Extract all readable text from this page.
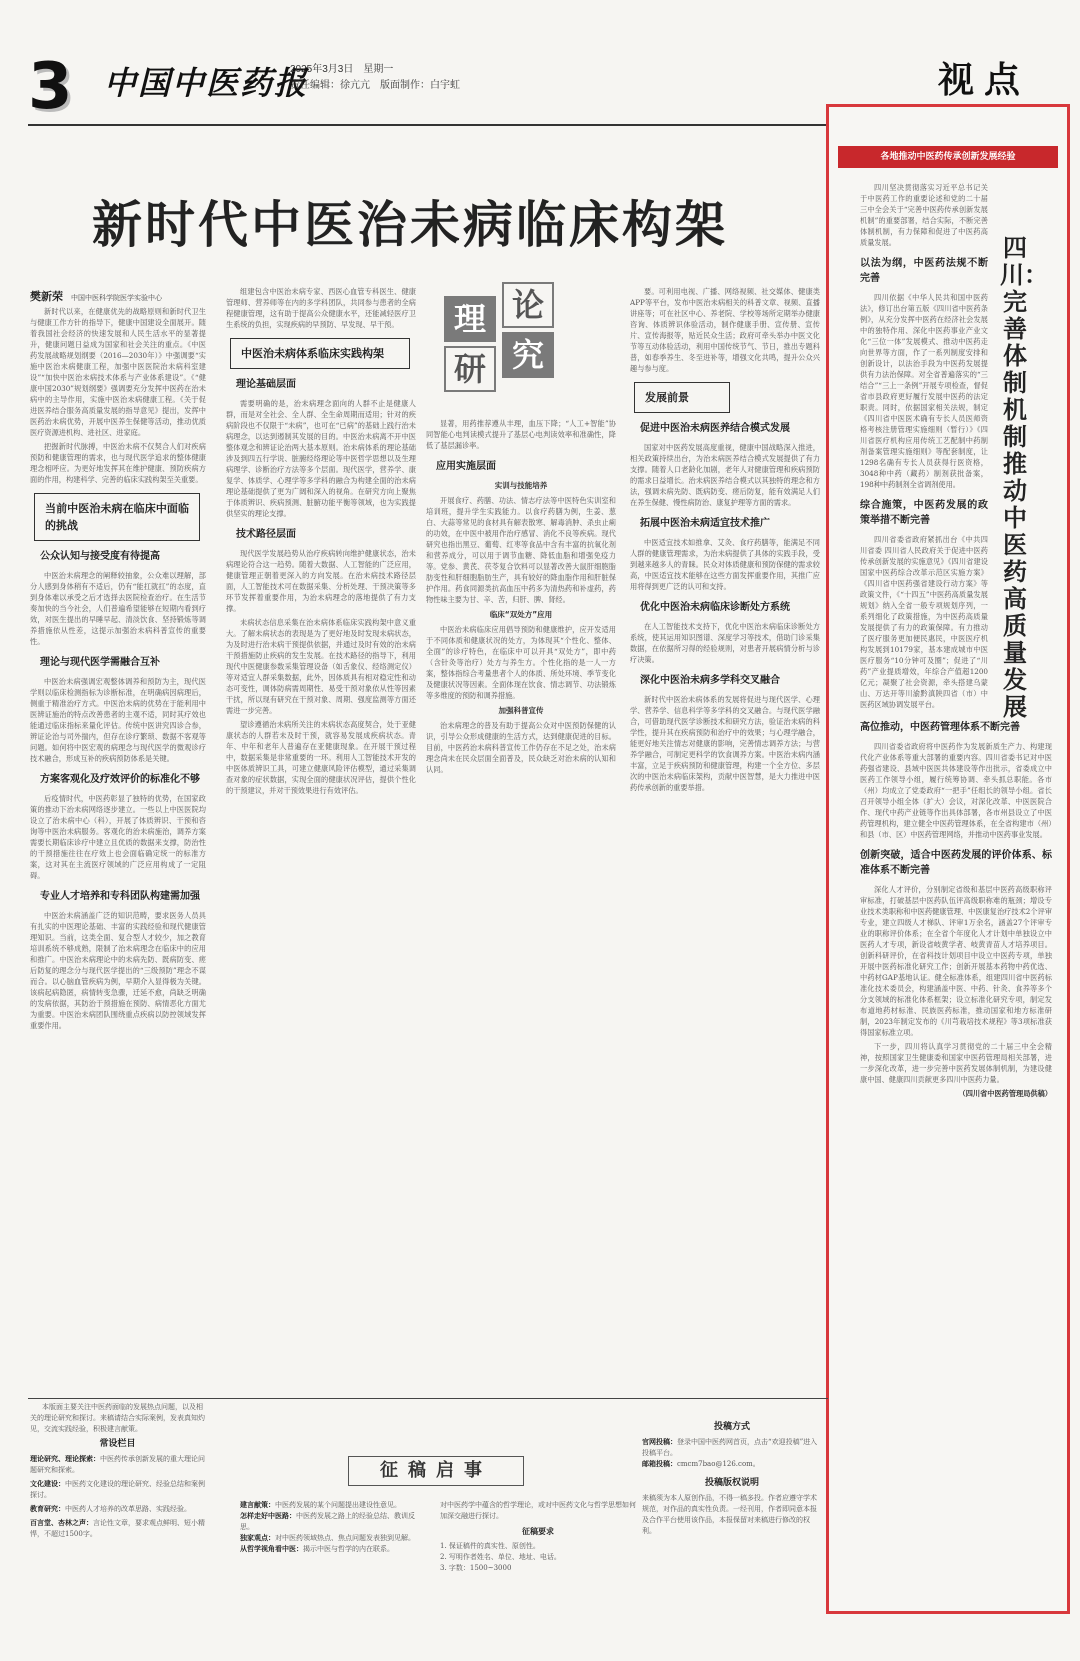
3 中国中医药报
2025年3月3日　星期一
责任编辑：徐亢亢　版面制作：白宇虹	视点
新时代中医治未病临床构架
樊新荣 中国中医科学院医学实验中心

新时代以来，在健康优先的战略原则和新时代卫生与健康工作方针的指导下，健康中国建设全面展开。随着我国社会经济的快速发展和人民生活水平的显著提升，健康问题日益成为国家和社会关注的重点。《中医药发展战略规划纲要（2016—2030年）》中强调要“实施中医治未病健康工程，加强中医医院治未病科室建设”“加快中医治未病技术体系与产业体系建设”。《“健康中国2030”规划纲要》强调要充分发挥中医药在治未病中的主导作用，实施中医治未病健康工程。《关于促进医养结合服务高质量发展的指导意见》提出，发挥中医药治未病优势，开展中医养生保健等活动，推动优质医疗资源进机构、进社区、进家庭。

把握新时代脉搏，中医治未病不仅契合人们对疾病预防和健康管理的需求，也与现代医学追求的整体健康理念相呼应。为更好地发挥其在维护健康、预防疾病方面的作用，构建科学、完善的临床实践构架至关重要。

当前中医治未病在临床中面临的挑战
公众认知与接受度有待提高

中医治未病理念的阐释较抽象，公众难以理解，部分人感到身体稍有不适后，仍有“能扛就扛”的态度，直到身体难以承受之后才选择去医院检查治疗。在生活节奏加快的当今社会，人们普遍希望能够在短期内看到疗效，对医生提出的早睡早起、清淡饮食、坚持锻炼等调养措施依从性差，这提示加强治未病科普宣传的重要性。

理论与现代医学需融合互补

中医治未病强调宏观整体调养和预防为主，现代医学则以临床检测指标为诊断标准，在明确病因病理后，侧重于精准治疗方式。中医治未病的优势在于能利用中医辨证施治的特点改善患者的主观不适，同时其疗效也能通过临床指标来量化评估。传统中医讲究四诊合参，辨证论治与司外揣内，但存在诊疗繁琐、数据不客观等问题。如何将中医宏观的病理念与现代医学的微观诊疗技术融合，形成互补的疾病预防体系是关键。

方案客观化及疗效评价的标准化不够

后疫情时代，中医药彰显了独特的优势，在国家政策的推动下治未病网络逐步建立。一些以上中医医院均设立了治未病中心（科），开展了体质辨识、干预和咨询等中医治未病服务。客观化的治未病施治，调养方案需要长期临床诊疗中建立且优质的数据来支撑，防治性的干预措施往往在疗效上也会面临确定统一的标准方案，这对其在主流医疗领域的广泛应用构成了一定阻碍。

专业人才培养和专科团队构建需加强

中医治未病涵盖广泛的知识范畴，要求医务人员具有扎实的中医理论基础、丰富的实践经验和现代健康管理知识。当前，这类全面、复合型人才较少，加之教育培训系统不够成熟，限制了治未病理念在临床中的应用和推广。中医治未病理论中的未病先防、既病防变、瘥后防复的理念分与现代医学提出的“三级预防”理念不谋而合。以心脑血管疾病为例，早期介入显得极为关键。该病起病隐匿，病情转变急骤，迁延不愈，尚缺乏明确的发病依据，其防治于预措施在预防、病情恶化方面尤为重要。中医治未病团队围绕重点疾病以防控领域发挥重要作用。

组建包含中医治未病专家、西医心血管专科医生、健康管理师、营养师等在内的多学科团队，共同参与患者的全病程健康管理，这有助于提高公众健康水平，还能减轻医疗卫生系统的负担，实现疾病的早预防、早发现、早干预。

中医治未病体系临床实践构架
理论基础层面

需要明确的是，治未病理念面向的人群不止是健康人群，而是对全社会、全人群、全生命周期而适用；针对的疾病阶段也不仅限于“未病”，也可在“已病”的基础上践行治未病理念，以达到遏制其发展的目的。中医治未病离不开中医整体观念和辨证论治两大基本原则。治未病体系的理论基础涉及到四五行学说、脏腑经络理论等中医哲学思想以及生理病理学、诊断治疗方法等多个层面。现代医学，营养学、康复学、体质学、心理学等多学科的融合为构建全面的治未病理论基础提供了更为广阔和深入的视角。在研究方向上聚焦于体质辨识、疾病预测、脏腑功能平衡等领域，也为实践提供坚实的理论支撑。

技术路径层面

现代医学发展趋势从治疗疾病转向维护健康状态，治未病理论符合这一趋势。随着大数据、人工智能的广泛应用，健康管理正朝着更深入的方向发展。在治未病技术路径层面，人工智能技术可在数据采集、分析处理、干预决策等多环节发挥着重要作用，为治未病理念的落地提供了有力支撑。

未病状态信息采集在治未病体系临床实践构架中意义重大。了解未病状态的表现是为了更好地及时发现未病状态，为及时进行治未病干预提供依据，并通过及时有效的治未病干预措施防止疾病的发生发展。在技术路径的指导下，利用现代中医健康参数采集管理设备（如舌象仪、经络测定仪）等对适宜人群采集数据，此外，因体质具有相对稳定性和动态可变性，调体防病需周期性、易受干预对象依从性等因素干扰，所以现有研究在干预对象、周期、强度监测等方面还需进一步完善。

望诊遵循治未病所关注的未病状态高度契合，处于亚健康状态的人群若未及时干预，就容易发展成疾病状态。青年、中年和老年人普遍存在亚健康现象。在开展干预过程中，数据采集是非常重要的一环。利用人工智能技术开发的中医体质辨识工具，可建立健康风险评估模型，通过采集调查对象的症状数据，实现全面的健康状况评估，提供个性化的干预建议，并对干预效果进行有效评估。

理 论
研 究

显著，用药推荐遵从丰理，血压下降；“人工+智能”协同智能心电判读模式提升了基层心电判读效率和准确性，降低了基层漏诊率。

应用实施层面
实训与技能培养

开展食疗、药膳、功法、情志疗法等中医特色实训室和培训班，提升学生实践能力。以食疗药膳为例，生姜、葱白、大蒜等常见的食材具有解表散寒、解毒消肿、杀虫止痢的功效，在中医中被用作治疗感冒、消化不良等疾病。现代研究也指出黑豆、葡萄、红枣等食品中含有丰富的抗氧化剂和营养成分，可以用于调节血糖、降低血脂和增强免疫力等。党参、黄芪、茯苓复合饮料可以显著改善大鼠肝细胞脂肪变性和肝细胞脂肪生产，具有较好的降血脂作用和肝脏保护作用。药食同源类抗高血压中药多为清热药和补虚药，药物性味主要为甘、辛、苦，归肝、脾、肾经。

临床“双处方”应用

中医治未病临床应用倡导预防和健康维护，应开发适用于不同体质和健康状况的处方，为体现其“个性化、整体、全面”的诊疗特色，在临床中可以开具“双处方”，即中药（含针灸等治疗）处方与养生方。个性化指的是一人一方案，整体指综合考量患者个人的体质、所处环境、季节变化及健康状况等因素。全面体现在饮食、情志调节、功法锻炼等多维度的预防和调养措施。

加强科普宣传

治未病理念的普及有助于提高公众对中医预防保健的认识，引导公众形成健康的生活方式，达到健康促进的目标。目前，中医药治未病科普宣传工作仍存在不足之处，治未病理念尚未在民众层面全面普及，民众缺乏对治未病的认知和认同。

要。可利用电视、广播、网络视频、社交媒体、健康类APP等平台，发布中医治未病相关的科普文章、视频、直播讲座等；可在社区中心、养老院、学校等场所定期举办健康咨询、体质辨识体验活动，制作健康手册、宣传册、宣传片、宣传海报等，贴近民众生活；政府可牵头举办中医文化节等互动体验活动，利用中国传统节气、节日，推出专题科普，如春季养生、冬至进补等，增强文化共鸣，提升公众兴趣与参与度。

发展前景
促进中医治未病医养结合模式发展

国家对中医药发展高度重视，健康中国战略深入推进，相关政策持续出台，为治未病医养结合模式发展提供了有力支撑。随着人口老龄化加剧，老年人对健康管理和疾病预防的需求日益增长。治未病医养结合模式以其独特的理念和方法，强调未病先防、既病防变、瘥后防复，能有效满足人们在养生保健、慢性病防治、康复护理等方面的需求。

拓展中医治未病适宜技术推广

中医适宜技术如推拿、艾灸、食疗药膳等，能满足不同人群的健康管理需求，为治未病提供了具体的实践手段，受到越来越多人的青睐。民众对体质健康和预防保健的需求较高，中医适宜技术能够在这些方面发挥重要作用，其推广应用将得到更广泛的认可和支持。

优化中医治未病临床诊断处方系统

在人工智能技术支持下，优化中医治未病临床诊断处方系统，使其运用知识图谱、深度学习等技术，借助门诊采集数据，在依据所习得的经验规则，对患者开展病情分析与诊疗决策。

深化中医治未病多学科交叉融合

新时代中医治未病体系的发展将促进与现代医学、心理学、营养学、信息科学等多学科的交叉融合。与现代医学融合，可借助现代医学诊断技术和研究方法，验证治未病的科学性，提升其在疾病预防和治疗中的效果；与心理学融合，能更好地关注情志对健康的影响，完善情志调养方法；与营养学融合，可制定更科学的饮食调养方案。中医治未病内涵丰富，立足于疾病预防和健康管理，构建一个全方位、多层次的中医治未病临床架构，贡献中医智慧，是大力推进中医药传承创新的重要举措。

各地推动中医药传承创新发展经验
四川：完善体制机制推动中医药高质量发展

四川坚决贯彻落实习近平总书记关于中医药工作的重要论述和党的二十届三中全会关于“完善中医药传承创新发展机制”的重要部署，结合实际，不断完善体制机制，有力保障和促进了中医药高质量发展。

以法为纲，中医药法规不断完善

四川依据《中华人民共和国中医药法》，修订出台第五版《四川省中医药条例》，从充分发挥中医药在经济社会发展中的独特作用、深化中医药事业产业文化“三位一体”发展模式、推动中医药走向世界等方面，作了一系列制度安排和创新设计，以法治手段为中医药发展提供有力法治保障。对全省普遍落实的“三结合”“三上一条例”开展专项检查，督促省市县政府更好履行发展中医药的法定职责。同时，依据国家相关法规，制定《四川省中医医术确有专长人员医师资格考核注册管理实施细则（暂行）》《四川省医疗机构应用传统工艺配制中药制剂备案管理实施细则》等配套制度，让1298名确有专长人员获得行医资格，3048种中药（藏药）制剂获批备案，198种中药制剂全省调剂使用。

综合施策，中医药发展的政策举措不断完善

四川省委省政府紧抓出台《中共四川省委 四川省人民政府关于促进中医药传承创新发展的实施意见》《四川省建设国家中医药综合改革示范区实施方案》《四川省中医药强省建设行动方案》等政策文件，《“十四五”中医药高质量发展规划》纳入全省一般专项规划序列，一系列细化了政策措施，为中医药高质量发展提供了有力的政策保障。有力推动了医疗服务更加便民惠民，中医医疗机构发展到10179家，基本建成城市中医医疗服务“10分钟可及圈”；促进了“川药”产业提质增效，年综合产值超1200亿元；凝聚了社会资源，牵头搭建乌蒙山、万达开等川渝黔滇陕四省（市）中医药区域协调发展平台。

高位推动，中医药管理体系不断完善

四川省委省政府将中医药作为发展新质生产力、构建现代化产业体系等重大部署的重要内容。四川省委书记对中医药强省建设、县域中医医共体建设等作出批示，省委成立中医药工作领导小组，履行统筹协调、牵头抓总职能。各市（州）均成立了党委政府“一把手”任组长的领导小组。省长召开领导小组全体（扩大）会议，对深化改革、中医医院合作、现代中药产业链等作出具体部署，各市州县设立了中医药管理机构，建立健全中医药管理体系，在全省构建市（州）和县（市、区）中医药管理网络，并推动中医药事业发展。

创新突破，适合中医药发展的评价体系、标准体系不断完善

深化人才评价，分别制定省级和基层中医药高级职称评审标准，打破基层中医药队伍评高级职称难的瓶颈；增设专业技术类职称和中医药健康管理、中医康复治疗技术2个评审专业，建立四级人才梯队、评审1万余名，涵盖27个评审专业的职称评价体系；在全省个年度化人才计划中单独设立中医药人才专项，新设省岐黄学者、岐黄青苗人才培养项目。创新科研评价，在省科技计划项目中设立中医药专项，单独开展中医药标准化研究工作；创新开展基本药物中药优选、中药材GAP基地认证。健全标准体系，组建四川省中医药标准化技术委员会，构建涵盖中医、中药、针灸、食养等多个分支领域的标准化体系框架；设立标准化研究专项，制定发布道地药材标准、民族医药标准，推动国家和地方标准研制，2023年制定发布的《川芎栽培技术规程》等3项标准获得国家标准立项。

下一步，四川将认真学习贯彻党的二十届三中全会精神，按照国家卫生健康委和国家中医药管理局相关部署，进一步深化改革，进一步完善中医药发展体制机制，为建设健康中国、健康四川贡献更多四川中医药力量。

（四川省中医药管理局供稿）

本版面主要关注中医药面临的发展热点问题，以及相关的理论研究和探讨。来稿请结合实际案例，发表真知灼见，交流实践经验，积极建言献策。
常设栏目
理论研究、理论探索：中医药传承创新发展的重大理论问题研究和探索。
文化建设：中医药文化建设的理论研究、经验总结和案例探讨。
教育研究：中医药人才培养的改革思路、实践经验。
百言堂、杏林之声：言论性文章，要求观点鲜明、短小精悍，不超过1500字。
征稿启事
建言献策：中医药发展的某个问题提出建设性意见。
怎样走好中医路：中医药发展之路上的经验总结、教训反思。
独家观点：对中医药领域热点、焦点问题发表独到见解。
从哲学视角看中医：揭示中医与哲学的内在联系。
对中医药学中蕴含的哲学理论，或对中医药文化与哲学思想如何加深交融进行探讨。
征稿要求
1. 保证稿件的真实性、原创性。
2. 写明作者姓名、单位、地址、电话。
3. 字数：1500~3000
投稿方式
官网投稿：登录中国中医药网首页，点击“欢迎投稿”进入投稿平台。
邮箱投稿：cmcm7bao@126.com。
投稿版权说明
来稿须为本人原创作品，不得一稿多投。作者应遵守学术规范，对作品的真实性负责。一经刊用，作者即同意本报及合作平台使用该作品，本报保留对来稿进行修改的权利。
